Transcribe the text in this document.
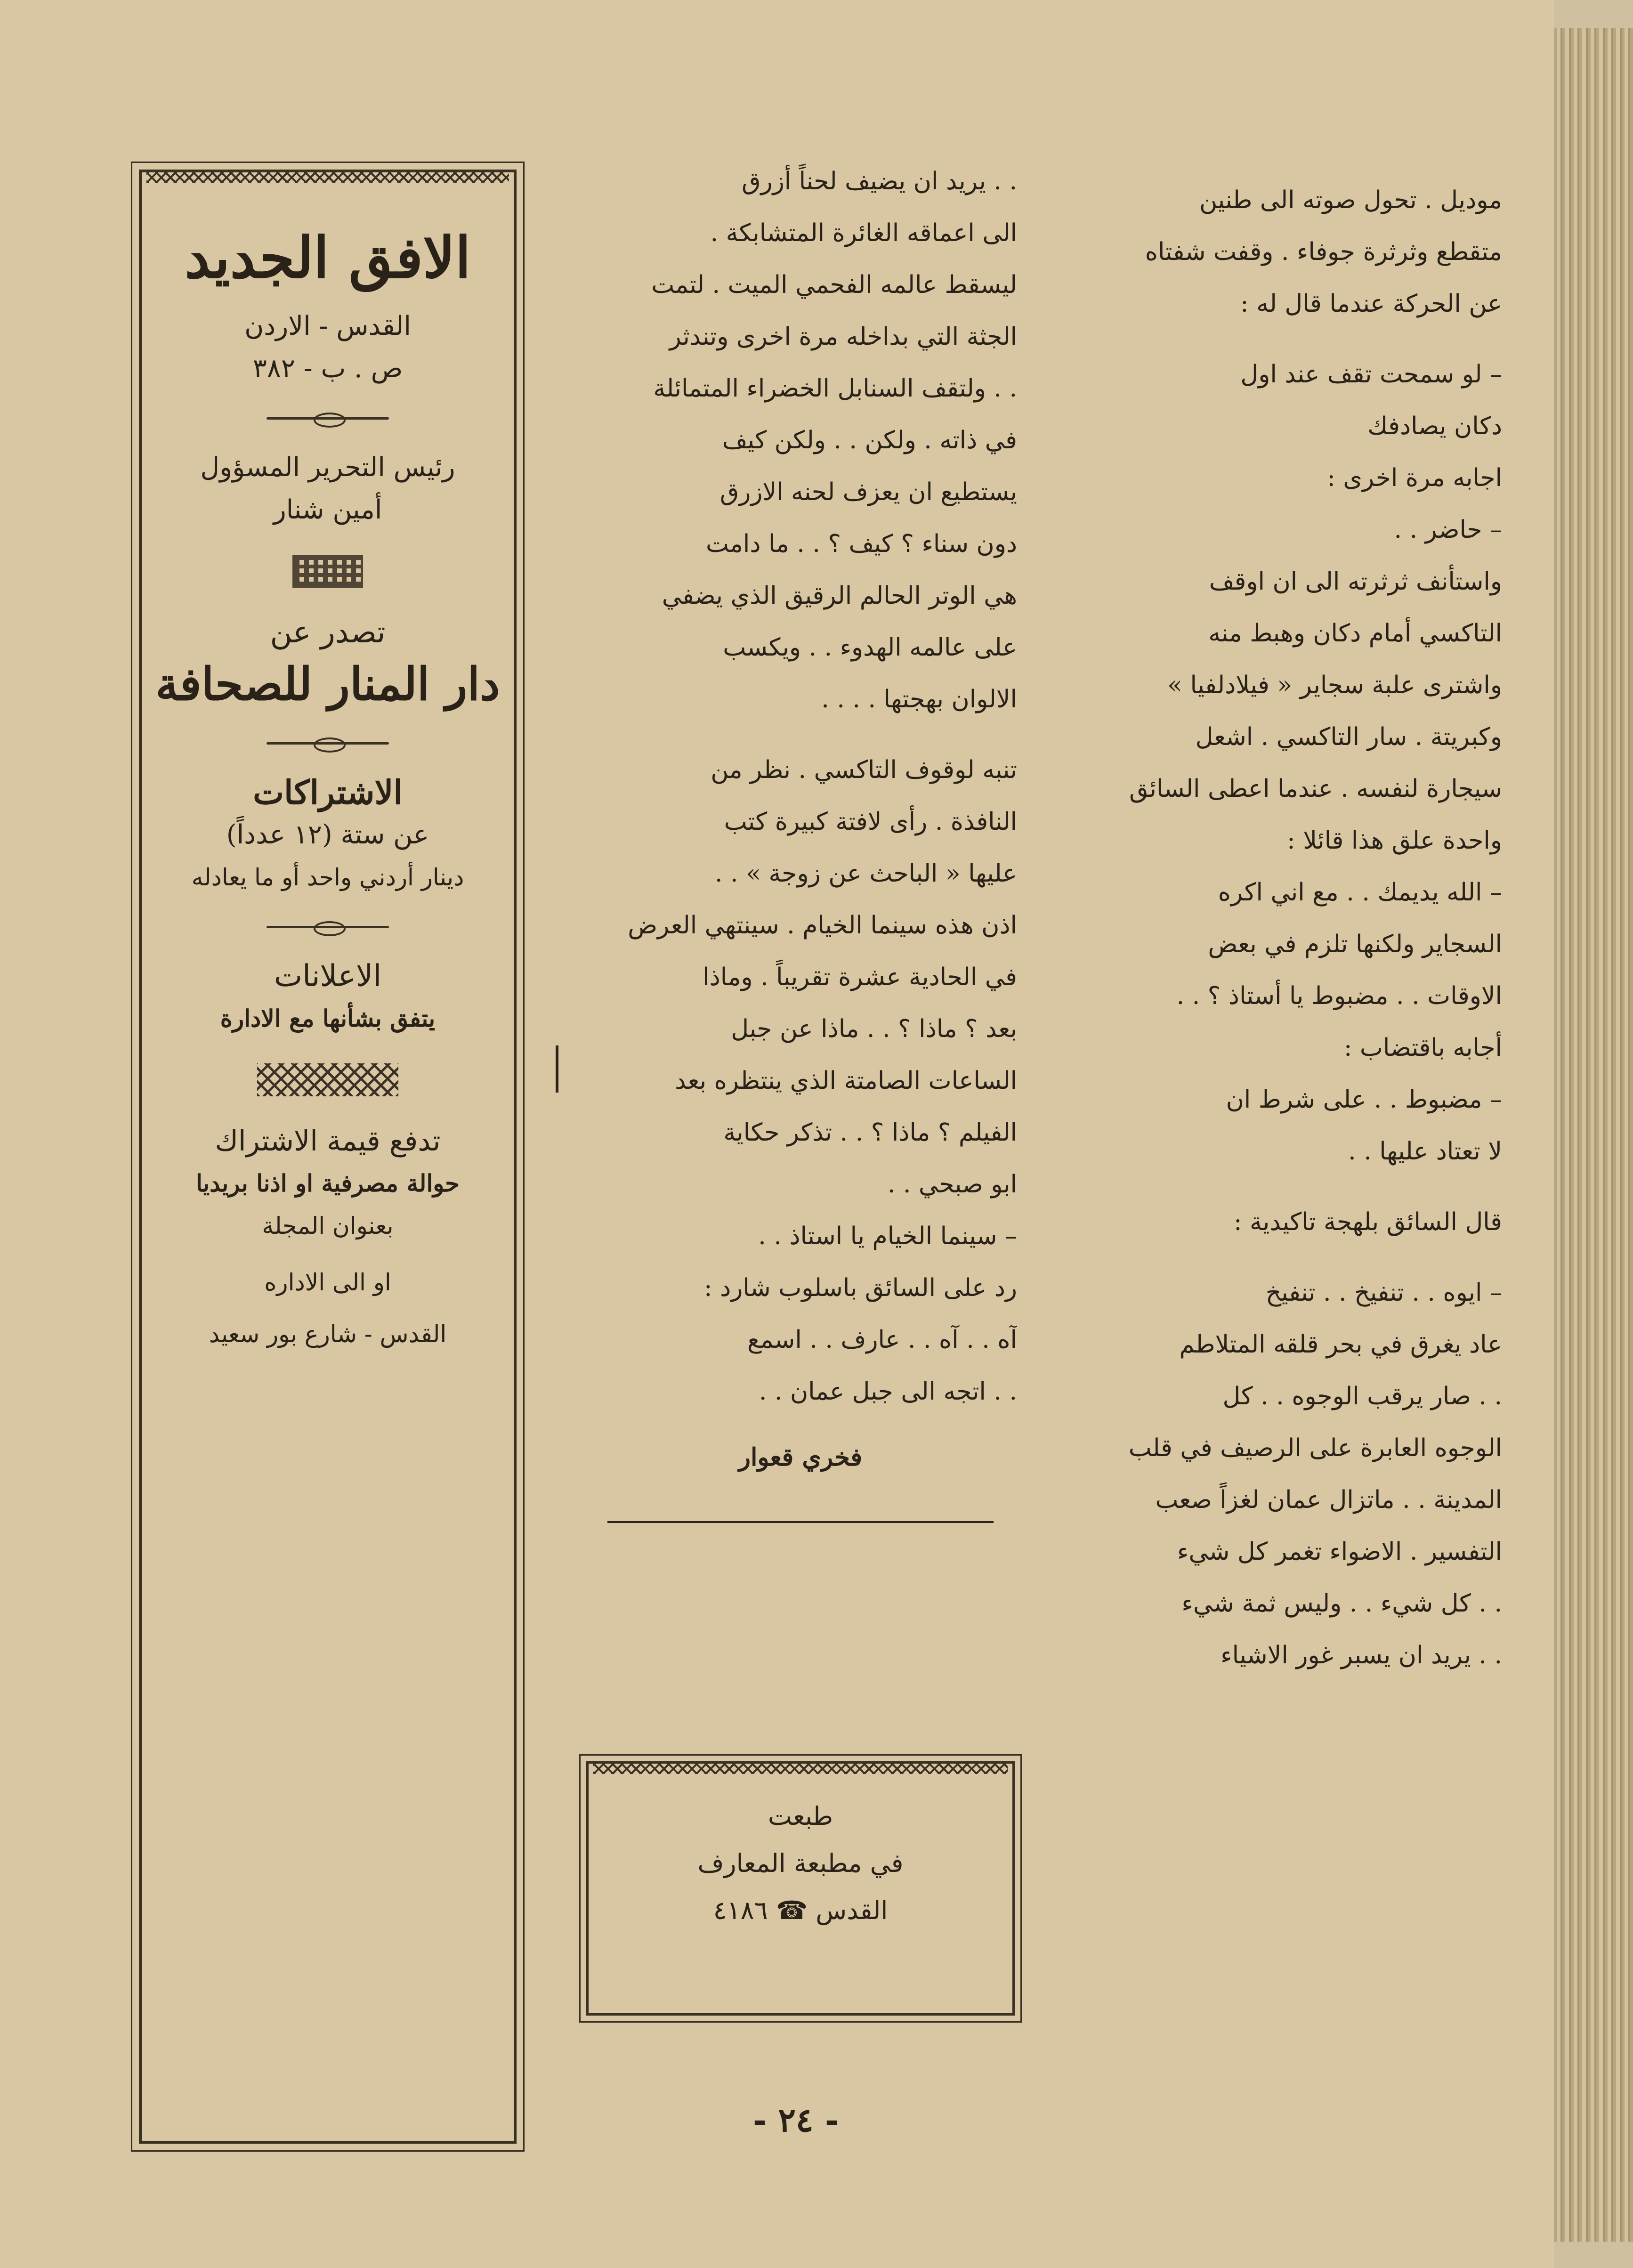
موديل . تحول صوته الى طنين
متقطع وثرثرة جوفاء . وقفت شفتاه
عن الحركة عندما قال له :
– لو سمحت تقف عند اول
دكان يصادفك
اجابه مرة اخرى :
– حاضر . .
واستأنف ثرثرته الى ان اوقف
التاكسي أمام دكان وهبط منه
واشترى علبة سجاير « فيلادلفيا »
وكبريتة . سار التاكسي . اشعل
سيجارة لنفسه . عندما اعطى السائق
واحدة علق هذا قائلا :
– الله يديمك . . مع اني اكره
السجاير ولكنها تلزم في بعض
الاوقات . . مضبوط يا أستاذ ؟ . .
أجابه باقتضاب :
– مضبوط . . على شرط ان
لا تعتاد عليها . .
قال السائق بلهجة تاكيدية :
– ايوه . . تنفيخ . . تنفيخ
عاد يغرق في بحر قلقه المتلاطم
. . صار يرقب الوجوه . . كل
الوجوه العابرة على الرصيف في قلب
المدينة . . ماتزال عمان لغزاً صعب
التفسير . الاضواء تغمر كل شيء
. . كل شيء . . وليس ثمة شيء
. . يريد ان يسبر غور الاشياء
. . يريد ان يضيف لحناً أزرق
الى اعماقه الغائرة المتشابكة .
ليسقط عالمه الفحمي الميت . لتمت
الجثة التي بداخله مرة اخرى وتندثر
. . ولتقف السنابل الخضراء المتمائلة
في ذاته . ولكن . . ولكن كيف
يستطيع ان يعزف لحنه الازرق
دون سناء ؟ كيف ؟ . . ما دامت
هي الوتر الحالم الرقيق الذي يضفي
على عالمه الهدوء . . ويكسب
الالوان بهجتها . . . .
تنبه لوقوف التاكسي . نظر من
النافذة . رأى لافتة كبيرة كتب
عليها « الباحث عن زوجة » . .
اذن هذه سينما الخيام . سينتهي العرض
في الحادية عشرة تقريباً . وماذا
بعد ؟ ماذا ؟ . . ماذا عن جبل
الساعات الصامتة الذي ينتظره بعد
الفيلم ؟ ماذا ؟ . . تذكر حكاية
ابو صبحي . .
– سينما الخيام يا استاذ . .
رد على السائق باسلوب شارد :
آه . . آه . . عارف . . اسمع
. . اتجه الى جبل عمان . .
فخري قعوار
الافق الجديد
القدس - الاردن
ص . ب - ٣٨٢
رئيس التحرير المسؤول
أمين شنار
تصدر عن
دار المنار للصحافة
الاشتراكات
عن ستة (١٢ عدداً)
دينار أردني واحد أو ما يعادله
الاعلانات
يتفق بشأنها مع الادارة
تدفع قيمة الاشتراك
حوالة مصرفية او اذنا بريديا
بعنوان المجلة
او الى الاداره
القدس - شارع بور سعيد
طبعت
في مطبعة المعارف
القدس ☎ ٤١٨٦
- ٢٤ -
